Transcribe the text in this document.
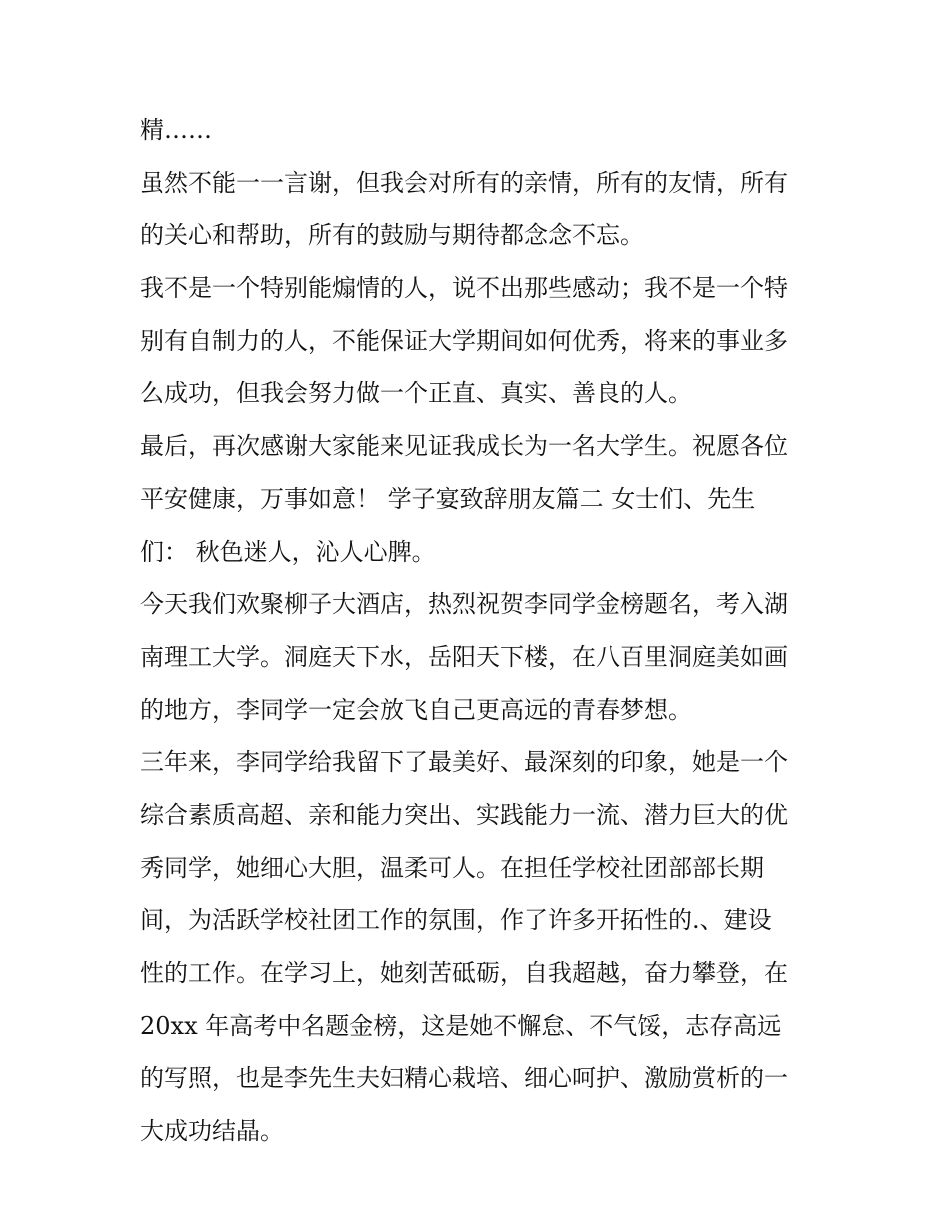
精……
虽然不能一一言谢，但我会对所有的亲情，所有的友情，所有
的关心和帮助，所有的鼓励与期待都念念不忘。
我不是一个特别能煽情的人，说不出那些感动；我不是一个特
别有自制力的人，不能保证大学期间如何优秀，将来的事业多
么成功，但我会努力做一个正直、真实、善良的人。
最后，再次感谢大家能来见证我成长为一名大学生。祝愿各位
平安健康，万事如意！ 学子宴致辞朋友篇二 女士们、先生
们： 秋色迷人，沁人心脾。
今天我们欢聚柳子大酒店，热烈祝贺李同学金榜题名，考入湖
南理工大学。洞庭天下水，岳阳天下楼，在八百里洞庭美如画
的地方，李同学一定会放飞自己更高远的青春梦想。
三年来，李同学给我留下了最美好、最深刻的印象，她是一个
综合素质高超、亲和能力突出、实践能力一流、潜力巨大的优
秀同学，她细心大胆，温柔可人。在担任学校社团部部长期
间，为活跃学校社团工作的氛围，作了许多开拓性的.、建设
性的工作。在学习上，她刻苦砥砺，自我超越，奋力攀登，在
20xx 年高考中名题金榜，这是她不懈怠、不气馁，志存高远
的写照，也是李先生夫妇精心栽培、细心呵护、激励赏析的一
大成功结晶。
